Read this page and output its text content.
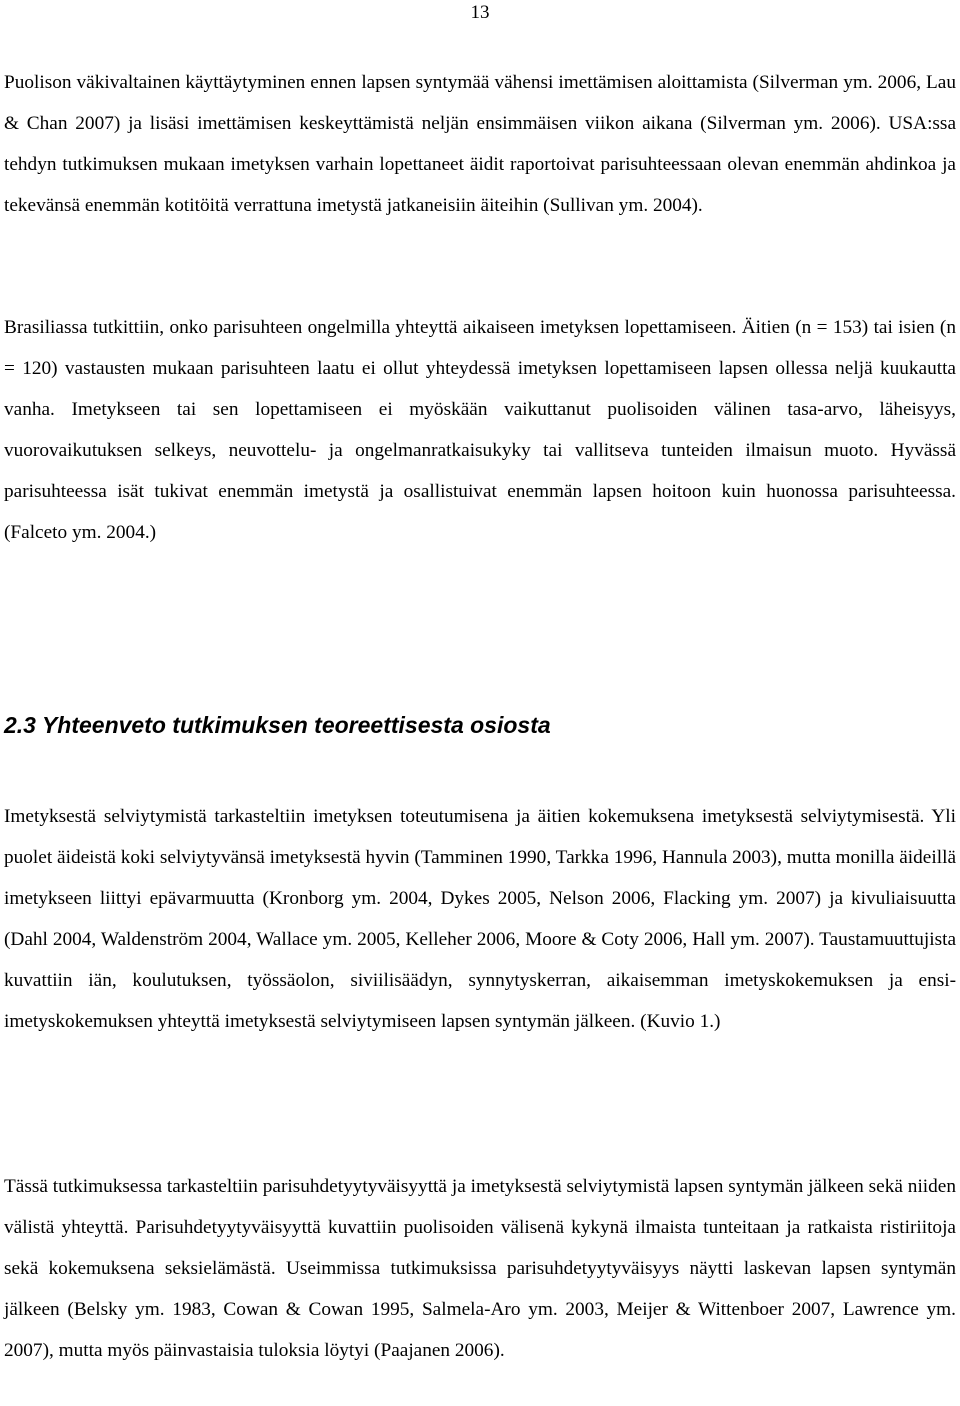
13

Puolison väkivaltainen käyttäytyminen ennen lapsen syntymää vähensi imettämisen aloittamista (Silverman ym. 2006, Lau & Chan 2007) ja lisäsi imettämisen keskeyttämistä neljän ensimmäisen viikon aikana (Silverman ym. 2006). USA:ssa tehdyn tutkimuksen mukaan imetyksen varhain lopettaneet äidit raportoivat parisuhteessaan olevan enemmän ahdinkoa ja tekevänsä enemmän kotitöitä verrattuna imetystä jatkaneisiin äiteihin (Sullivan ym. 2004).

Brasiliassa tutkittiin, onko parisuhteen ongelmilla yhteyttä aikaiseen imetyksen lopettamiseen. Äitien (n = 153) tai isien (n = 120) vastausten mukaan parisuhteen laatu ei ollut yhteydessä imetyksen lopettamiseen lapsen ollessa neljä kuukautta vanha. Imetykseen tai sen lopettamiseen ei myöskään vaikuttanut puolisoiden välinen tasa-arvo, läheisyys, vuorovaikutuksen selkeys, neuvottelu- ja ongelmanratkaisukyky tai vallitseva tunteiden ilmaisun muoto. Hyvässä parisuhteessa isät tukivat enemmän imetystä ja osallistuivat enemmän lapsen hoitoon kuin huonossa parisuhteessa. (Falceto ym. 2004.)

2.3 Yhteenveto tutkimuksen teoreettisesta osiosta

Imetyksestä selviytymistä tarkasteltiin imetyksen toteutumisena ja äitien kokemuksena imetyksestä selviytymisestä. Yli puolet äideistä koki selviytyvänsä imetyksestä hyvin (Tamminen 1990, Tarkka 1996, Hannula 2003), mutta monilla äideillä imetykseen liittyi epävarmuutta (Kronborg ym. 2004, Dykes 2005, Nelson 2006, Flacking ym. 2007) ja kivuliaisuutta (Dahl 2004, Waldenström 2004, Wallace ym. 2005, Kelleher 2006, Moore & Coty 2006, Hall ym. 2007). Taustamuuttujista kuvattiin iän, koulutuksen, työssäolon, siviilisäädyn, synnytyskerran, aikaisemman imetyskokemuksen ja ensi-imetyskokemuksen yhteyttä imetyksestä selviytymiseen lapsen syntymän jälkeen. (Kuvio 1.)

Tässä tutkimuksessa tarkasteltiin parisuhdetyytyväisyyttä ja imetyksestä selviytymistä lapsen syntymän jälkeen sekä niiden välistä yhteyttä. Parisuhdetyytyväisyyttä kuvattiin puolisoiden välisenä kykynä ilmaista tunteitaan ja ratkaista ristiriitoja sekä kokemuksena seksielämästä. Useimmissa tutkimuksissa parisuhdetyytyväisyys näytti laskevan lapsen syntymän jälkeen (Belsky ym. 1983, Cowan & Cowan 1995, Salmela-Aro ym. 2003, Meijer & Wittenboer 2007, Lawrence ym. 2007), mutta myös päinvastaisia tuloksia löytyi (Paajanen 2006).
